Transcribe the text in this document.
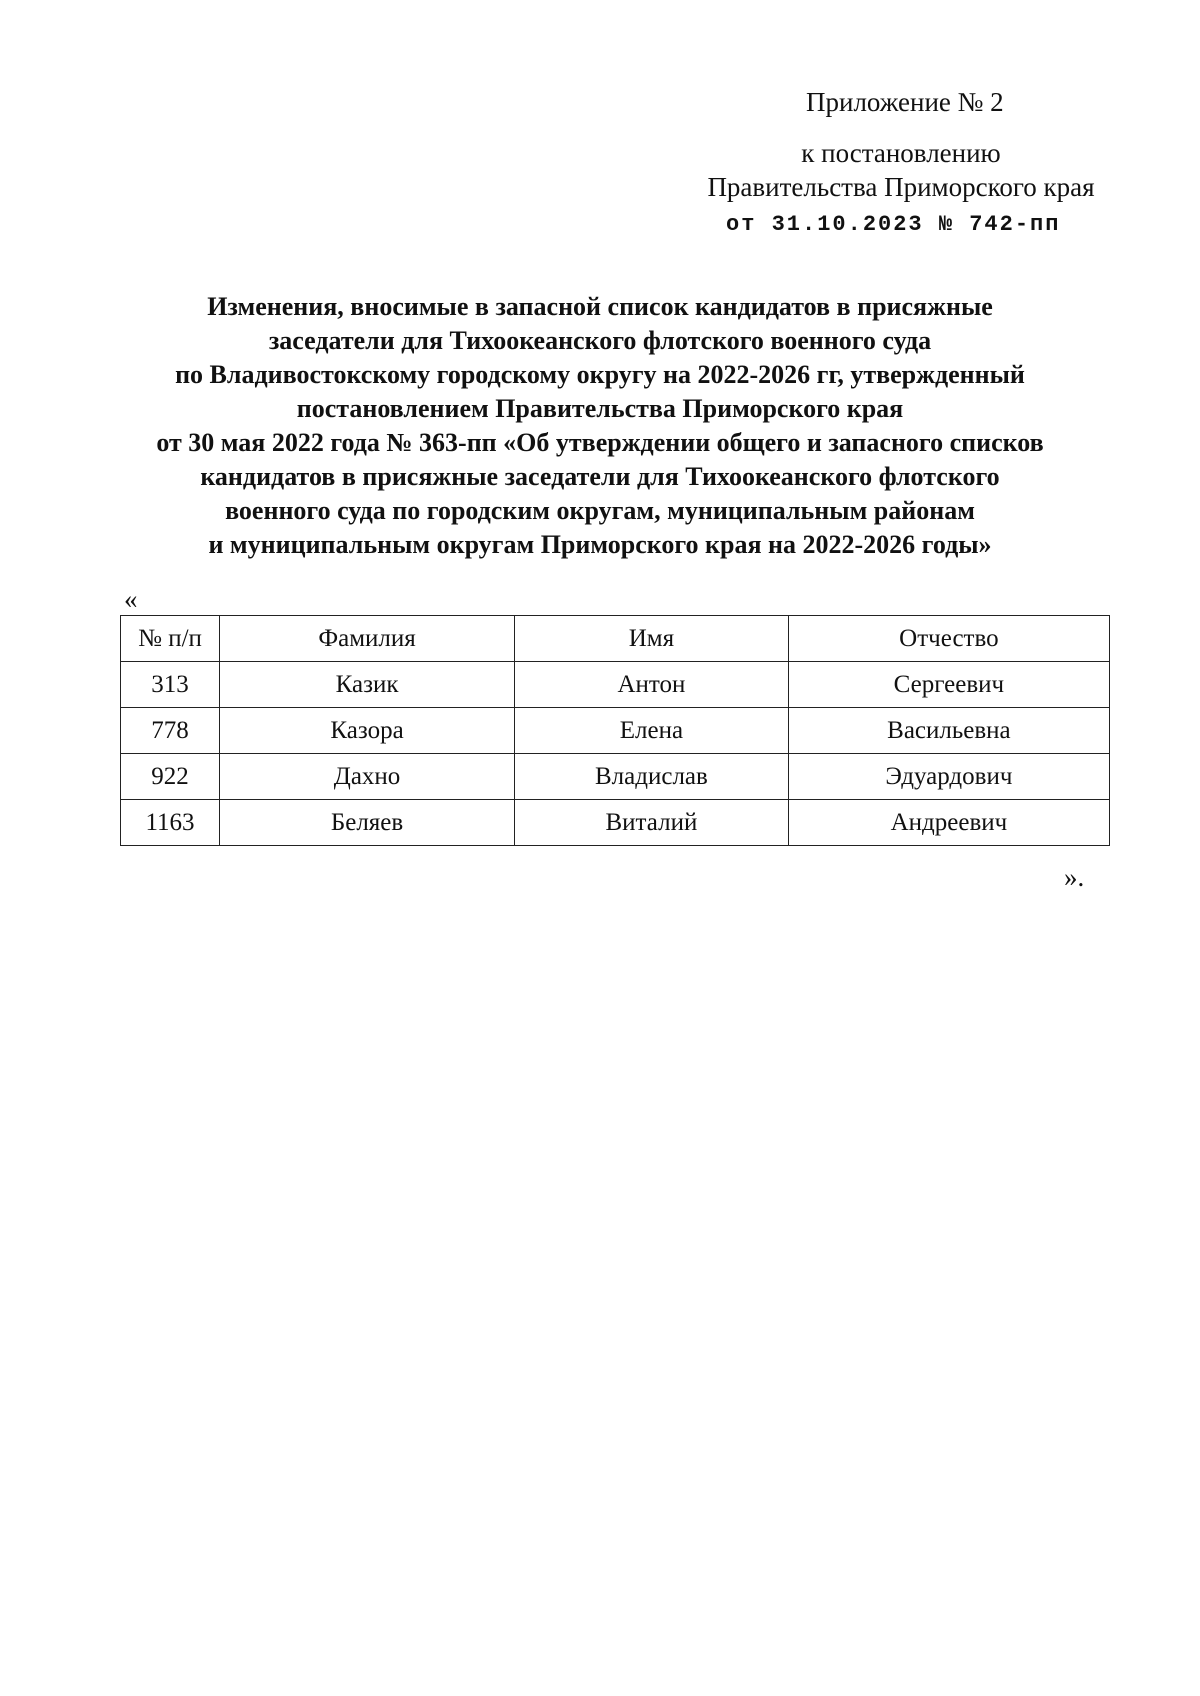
Приложение № 2
к постановлению
Правительства Приморского края
от 31.10.2023 № 742-пп
Изменения, вносимые в запасной список кандидатов в присяжные
заседатели для Тихоокеанского флотского военного суда
по Владивостокскому городскому округу на 2022-2026 гг, утвержденный
постановлением Правительства Приморского края
от 30 мая 2022 года № 363-пп «Об утверждении общего и запасного списков
кандидатов в присяжные заседатели для Тихоокеанского флотского
военного суда по городским округам, муниципальным районам
и муниципальным округам Приморского края на 2022-2026 годы»
«
№ п/п	Фамилия	Имя	Отчество
313	Казик	Антон	Сергеевич
778	Казора	Елена	Васильевна
922	Дахно	Владислав	Эдуардович
1163	Беляев	Виталий	Андреевич
».
